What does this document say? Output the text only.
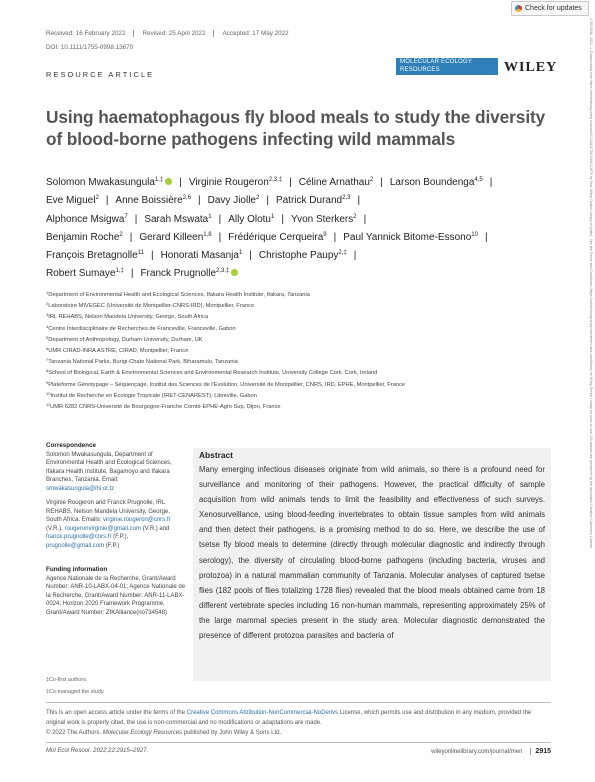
Check for updates
1755-0998, 2022, 4, Downloaded from https://onlinelibrary.wiley.com/doi/10.1111/1755-0998.13670 by Test, Wiley Online Library on [date]. See the Terms and Conditions (https://onlinelibrary.wiley.com/terms-and-conditions) on Wiley Online Library for rules of use; OA articles are governed by the applicable Creative Commons License
Received: 16 February 2022	Revised: 25 April 2022	Accepted: 17 May 2022
DOI: 10.1111/1755-0998.13670
RESOURCE ARTICLE
MOLECULAR ECOLOGY RESOURCES	WILEY
Using haematophagous fly blood meals to study the diversity of blood-borne pathogens infecting wild mammals
Solomon Mwakasungula$^{1,\ddagger}$ | Virginie Rougeron$^{2,3,\ddagger}$ | Céline Arnathau$^2$ | Larson Boundenga$^{4,5}$ |
Eve Miguel$^2$ | Anne Boissière$^{2,6}$ | Davy Jiolle$^2$ | Patrick Durand$^{2,3}$ |
Alphonce Msigwa$^7$ | Sarah Mswata$^1$ | Ally Olotu$^1$ | Yvon Sterkers$^2$ |
Benjamin Roche$^2$ | Gerard Killeen$^{1,8}$ | Frédérique Cerqueira$^9$ | Paul Yannick Bitome-Essono$^{10}$ |
François Bretagnolle$^{11}$ | Honorati Masanja$^1$ | Christophe Paupy$^{2,\ddagger}$ |
Robert Sumaye$^{1,\ddagger}$ | Franck Prugnolle$^{2,3,\ddagger}$
$^1$Department of Environmental Health and Ecological Sciences, Ifakara Health Institute, Ifakara, Tanzania
$^2$Laboratoire MIVEGEC (Université de Montpellier-CNRS-IRD), Montpellier, France
$^3$IRL REHABS, Nelson Mandela University, George, South Africa
$^4$Centre Interdisciplinaire de Recherches de Franceville, Franceville, Gabon
$^5$Department of Anthropology, Durham University, Durham, UK
$^6$UMR CIRAD-INRA ASTRE, CIRAD, Montpellier, France
$^7$Tanzania National Parks, Burigi-Chato National Park, Biharamulo, Tanzania
$^8$School of Biological, Earth & Environmental Sciences and Environmental Research Institute, University College Cork, Cork, Ireland
$^9$Plateforme Génotypage – Séquençage, Institut des Sciences de l'Evolution, Université de Montpellier, CNRS, IRD, EPHE, Montpellier, France
$^{10}$Institut de Recherche en Écologie Tropicale (IRET-CENAREST), Libreville, Gabon
$^{11}$UMR 6282 CNRS-Université de Bourgogne-Franche Comté-EPHE-Agro Sup, Dijon, France

Correspondence
Solomon Mwakasungula, Department of Environmental Health and Ecological Sciences, Ifakara Health Institute, Bagamoyo and Ifakara Branches, Tanzania. Email: smwakasungula@ihi.or.tz

Virginie Rougeron and Franck Prugnolle, IRL REHABS, Nelson Mandela University, George, South Africa. Emails: virginie.rougeron@cnrs.fr (V.R.), rougeronvirginie@gmail.com (V.R.) and franck.prugnolle@cnrs.fr (F.P.), prugnolle@gmail.com (F.P.)

Funding information
Agence Nationale de la Recherche, Grant/Award Number: ANR-10-LABX-04-01; Agence Nationale de la Recherche, Grant/Award Number: ANR-11-LABX-0024; Horizon 2020 Framework Programme, Grant/Award Number: ZIKAlliance(no734548)

Abstract
Many emerging infectious diseases originate from wild animals, so there is a profound need for surveillance and monitoring of their pathogens. However, the practical difficulty of sample acquisition from wild animals tends to limit the feasibility and effectiveness of such surveys. Xenosurveillance, using blood-feeding invertebrates to obtain tissue samples from wild animals and then detect their pathogens, is a promising method to do so. Here, we describe the use of tsetse fly blood meals to determine (directly through molecular diagnostic and indirectly through serology), the diversity of circulating blood-borne pathogens (including bacteria, viruses and protozoa) in a natural mammalian community of Tanzania. Molecular analyses of captured tsetse flies (182 pools of flies totalizing 1728 flies) revealed that the blood meals obtained came from 18 different vertebrate species including 16 non-human mammals, representing approximately 25% of the large mammal species present in the study area. Molecular diagnostic demonstrated the presence of different protozoa parasites and bacteria of
‡Co-first authors.
‡Co-managed the study.
This is an open access article under the terms of the Creative Commons Attribution-NonCommercial-NoDerivs License, which permits use and distribution in any medium, provided the original work is properly cited, the use is non-commercial and no modifications or adaptations are made.
© 2022 The Authors. Molecular Ecology Resources published by John Wiley & Sons Ltd.
Mol Ecol Resour. 2022;22:2915–2927.	wileyonlinelibrary.com/journal/men 2915
